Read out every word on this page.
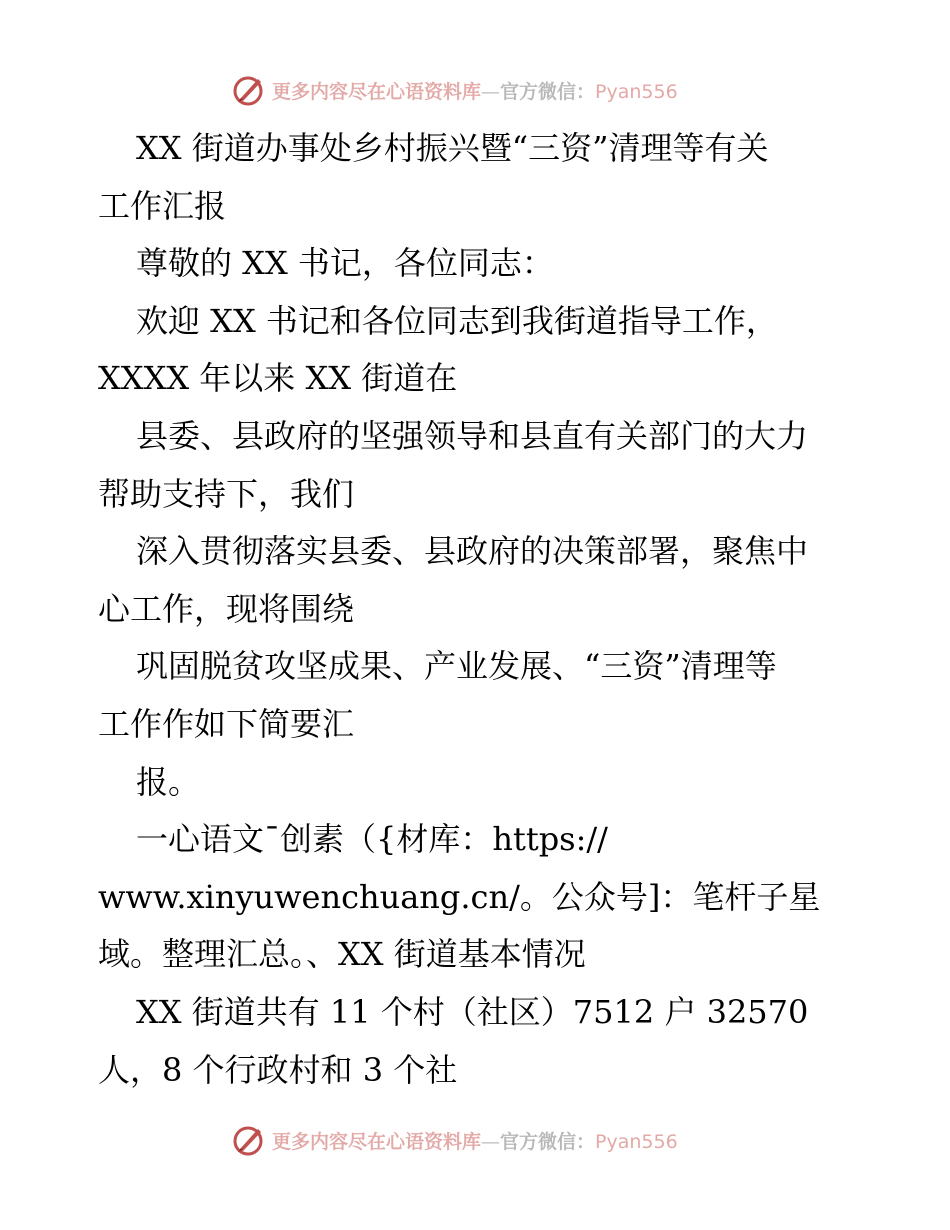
更多内容尽在心语资料库—官方微信：Pyan556
XX 街道办事处乡村振兴暨“三资”清理等有关
工作汇报
尊敬的 XX 书记，各位同志：
欢迎 XX 书记和各位同志到我街道指导工作，
XXXX 年以来 XX 街道在
县委、县政府的坚强领导和县直有关部门的大力
帮助支持下，我们
深入贯彻落实县委、县政府的决策部署，聚焦中
心工作，现将围绕
巩固脱贫攻坚成果、产业发展、“三资”清理等
工作作如下简要汇
报。
一心语文¯创素（{材库：https://
www.xinyuwenchuang.cn/。公众号]：笔杆子星
域。整理汇总。、XX 街道基本情况
XX 街道共有 11 个村（社区）7512 户 32570
人，8 个行政村和 3 个社
更多内容尽在心语资料库—官方微信：Pyan556
